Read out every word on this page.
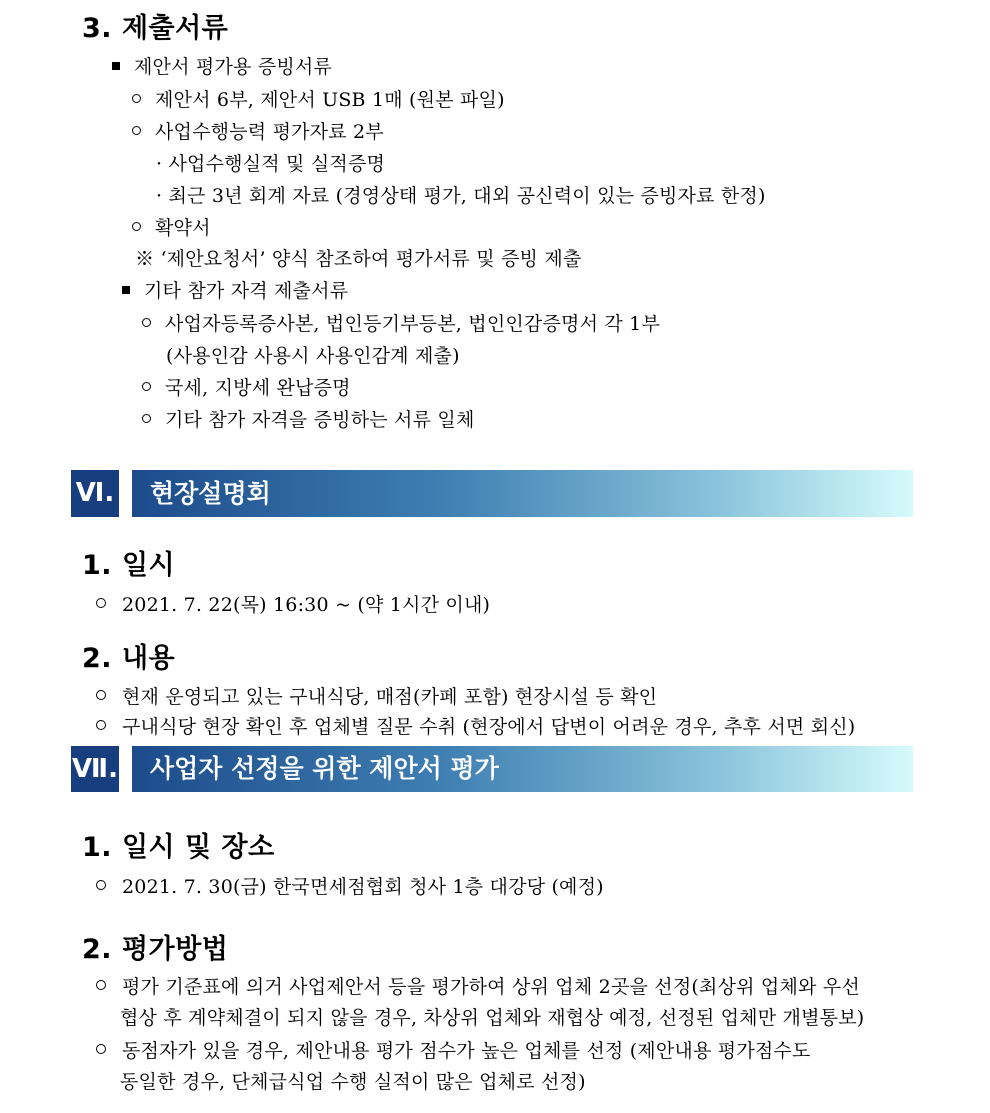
3. 제출서류
제안서 평가용 증빙서류
제안서 6부, 제안서 USB 1매 (원본 파일)
사업수행능력 평가자료 2부
· 사업수행실적 및 실적증명
· 최근 3년 회계 자료 (경영상태 평가, 대외 공신력이 있는 증빙자료 한정)
확약서
※ ‘제안요청서’ 양식 참조하여 평가서류 및 증빙 제출
기타 참가 자격 제출서류
사업자등록증사본, 법인등기부등본, 법인인감증명서 각 1부
(사용인감 사용시 사용인감계 제출)
국세, 지방세 완납증명
기타 참가 자격을 증빙하는 서류 일체
Ⅵ.	현장설명회
1. 일시
2021. 7. 22(목) 16:30 ~ (약 1시간 이내)
2. 내용
현재 운영되고 있는 구내식당, 매점(카페 포함) 현장시설 등 확인
구내식당 현장 확인 후 업체별 질문 수취 (현장에서 답변이 어려운 경우, 추후 서면 회신)
Ⅶ.	사업자 선정을 위한 제안서 평가
1. 일시 및 장소
2021. 7. 30(금) 한국면세점협회 청사 1층 대강당 (예정)
2. 평가방법
평가 기준표에 의거 사업제안서 등을 평가하여 상위 업체 2곳을 선정(최상위 업체와 우선
협상 후 계약체결이 되지 않을 경우, 차상위 업체와 재협상 예정, 선정된 업체만 개별통보)
동점자가 있을 경우, 제안내용 평가 점수가 높은 업체를 선정 (제안내용 평가점수도
동일한 경우, 단체급식업 수행 실적이 많은 업체로 선정)
